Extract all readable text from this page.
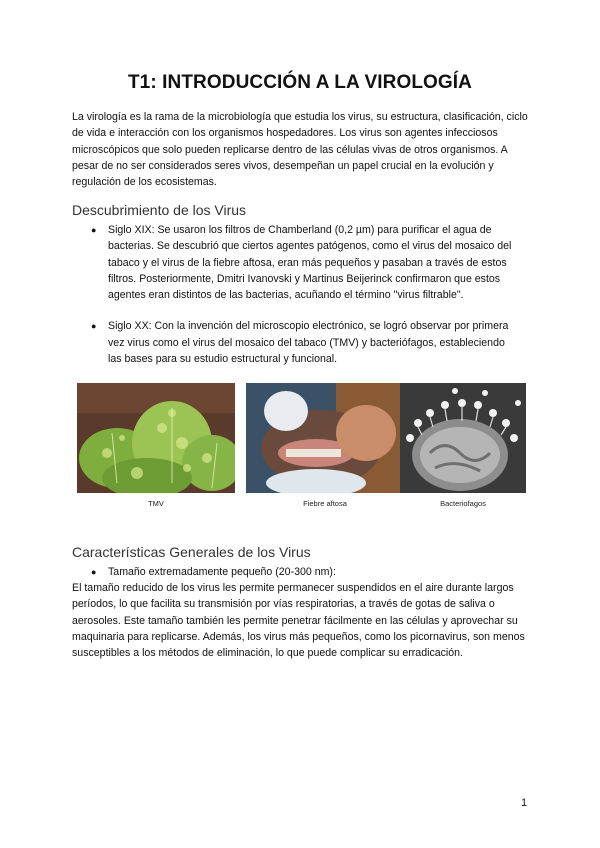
T1: INTRODUCCIÓN A LA VIROLOGÍA

La virología es la rama de la microbiología que estudia los virus, su estructura, clasificación, ciclo de vida e interacción con los organismos hospedadores. Los virus son agentes infecciosos microscópicos que solo pueden replicarse dentro de las células vivas de otros organismos. A pesar de no ser considerados seres vivos, desempeñan un papel crucial en la evolución y regulación de los ecosistemas.

Descubrimiento de los Virus
● Siglo XIX: Se usaron los filtros de Chamberland (0,2 µm) para purificar el agua de bacterias. Se descubrió que ciertos agentes patógenos, como el virus del mosaico del tabaco y el virus de la fiebre aftosa, eran más pequeños y pasaban a través de estos filtros. Posteriormente, Dmitri Ivanovski y Martinus Beijerinck confirmaron que estos agentes eran distintos de las bacterias, acuñando el término "virus filtrable".
● Siglo XX: Con la invención del microscopio electrónico, se logró observar por primera vez virus como el virus del mosaico del tabaco (TMV) y bacteriófagos, estableciendo las bases para su estudio estructural y funcional.
TMV	Fiebre aftosa	Bacteriofagos
Características Generales de los Virus
● Tamaño extremadamente pequeño (20-300 nm):

El tamaño reducido de los virus les permite permanecer suspendidos en el aire durante largos períodos, lo que facilita su transmisión por vías respiratorias, a través de gotas de saliva o aerosoles. Este tamaño también les permite penetrar fácilmente en las células y aprovechar su maquinaria para replicarse. Además, los virus más pequeños, como los picornavirus, son menos susceptibles a los métodos de eliminación, lo que puede complicar su erradicación.

1
